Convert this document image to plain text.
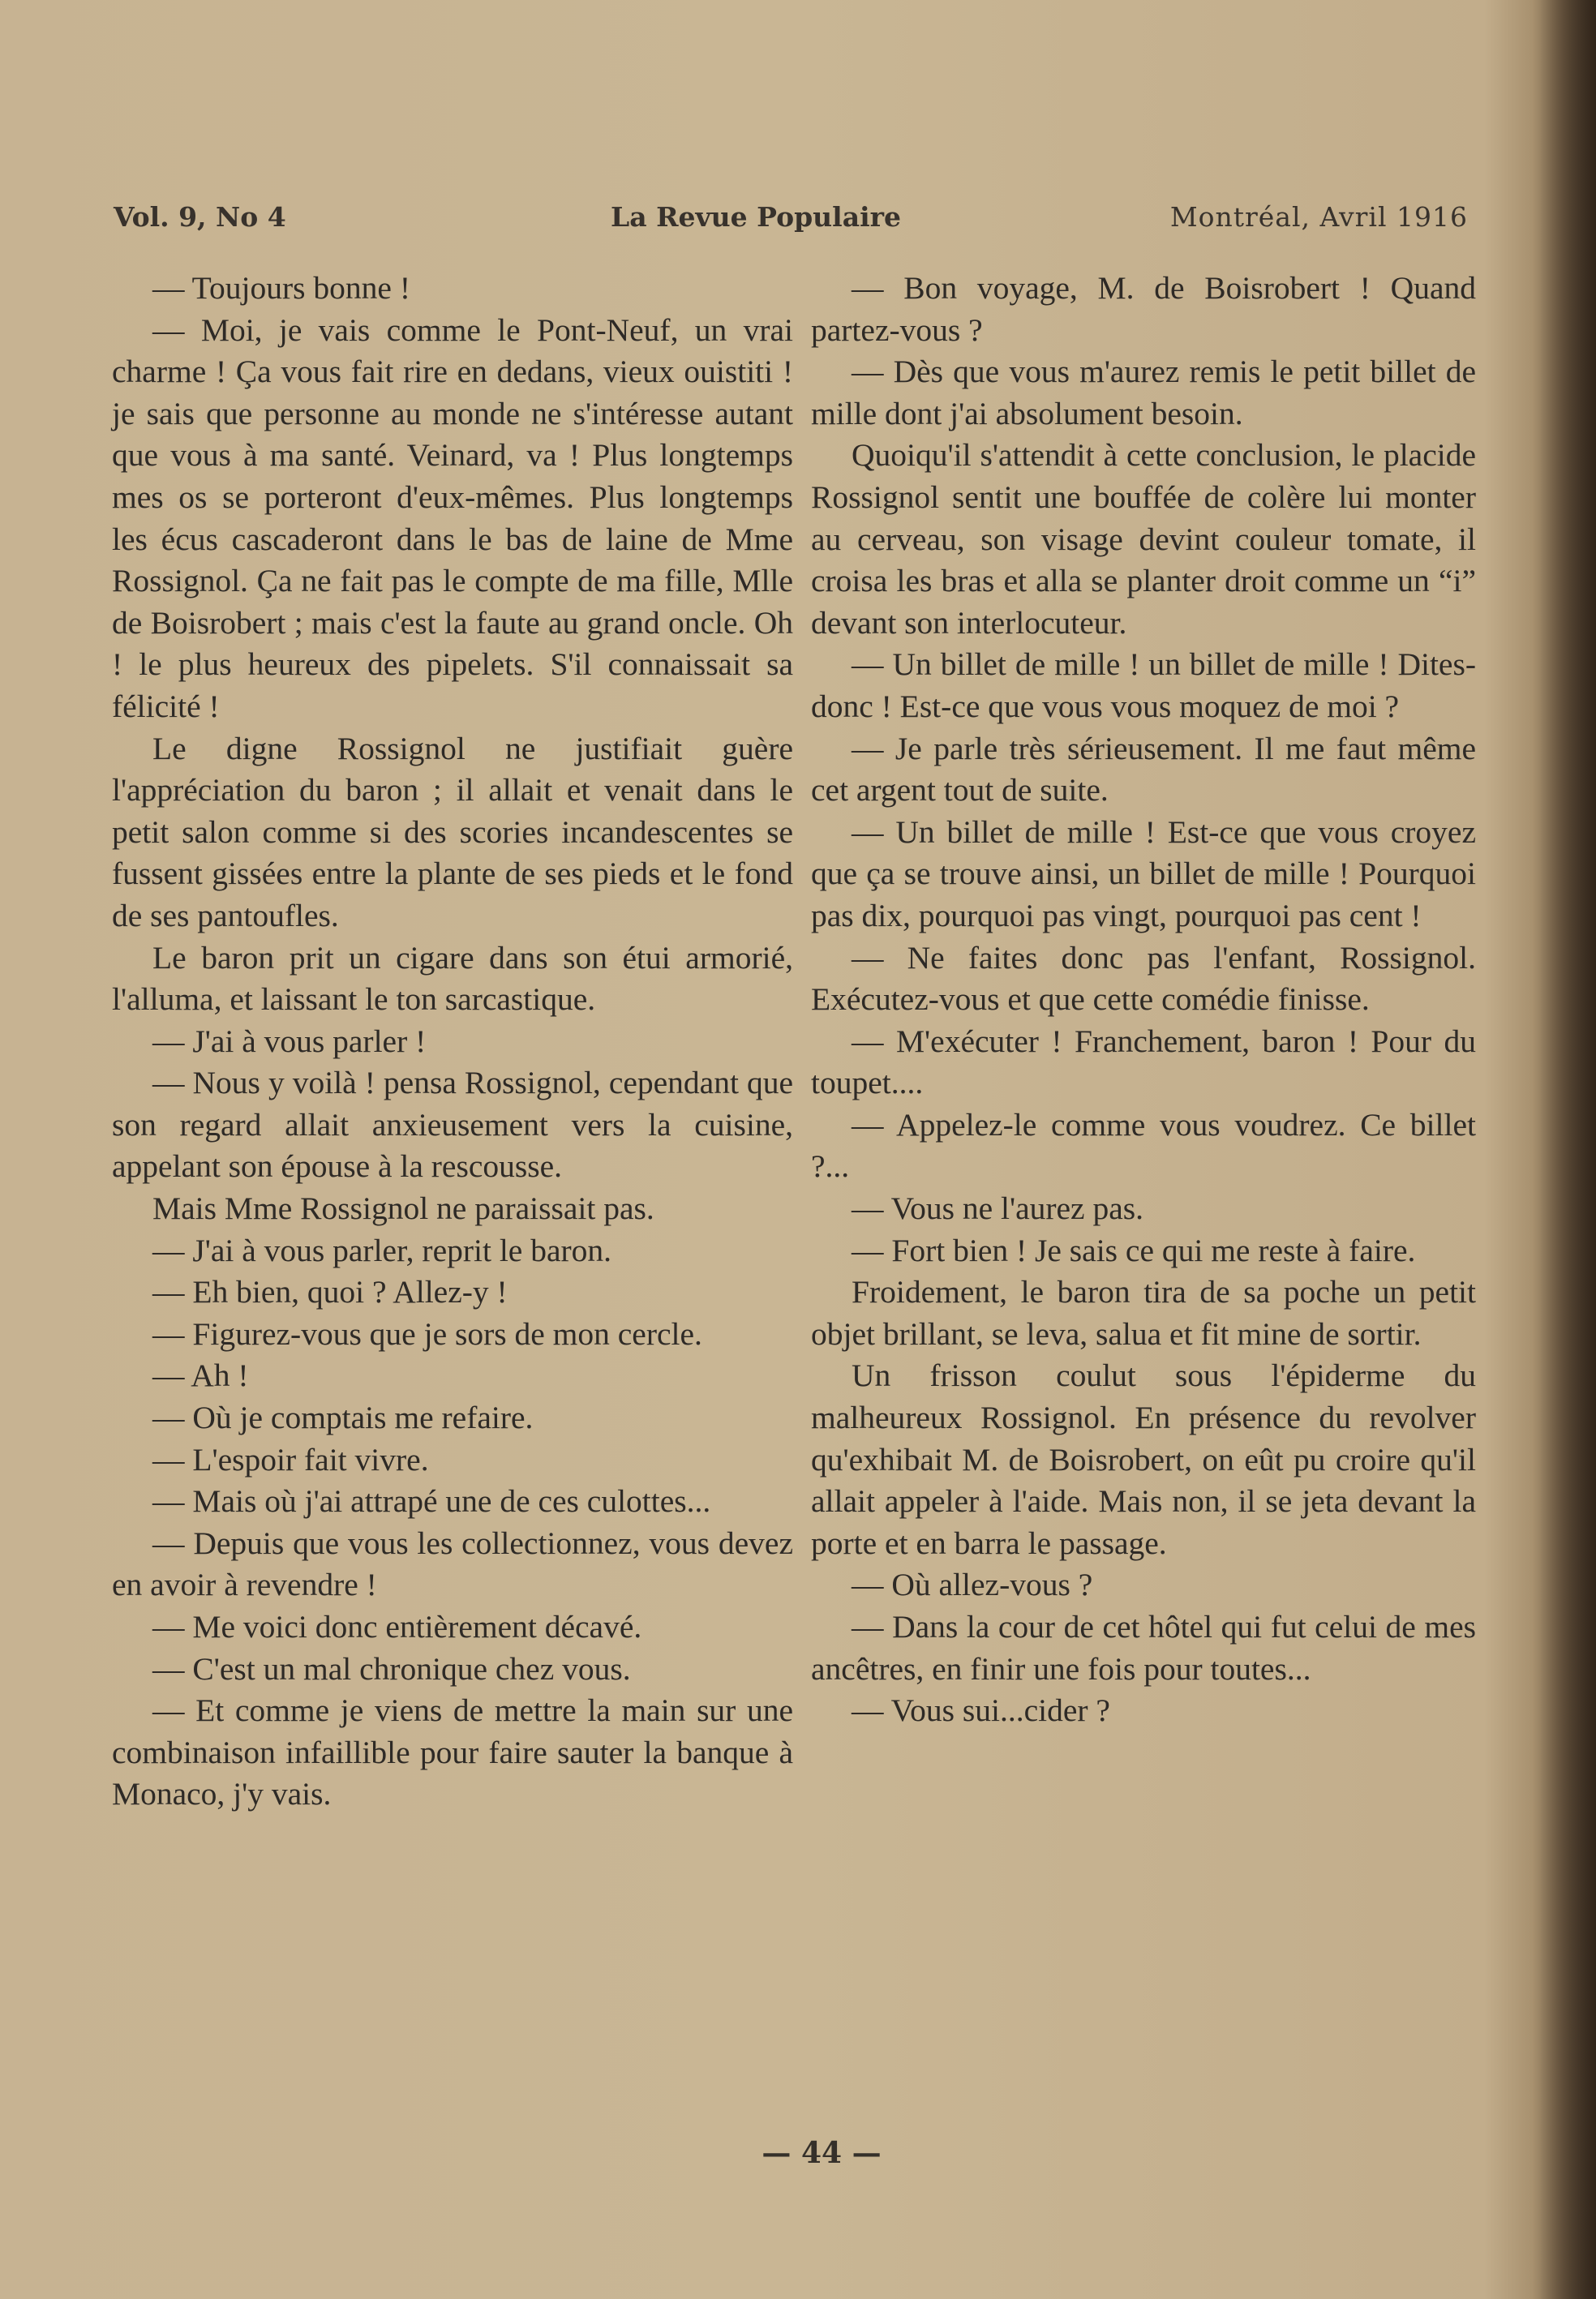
Vol. 9, No 4	La Revue Populaire	Montréal, Avril 1916

— Toujours bonne !

— Moi, je vais comme le Pont-Neuf, un vrai charme ! Ça vous fait rire en dedans, vieux ouistiti ! je sais que personne au monde ne s'intéresse autant que vous à ma santé. Veinard, va ! Plus longtemps mes os se porteront d'eux-mêmes. Plus longtemps les écus cascaderont dans le bas de laine de Mme Rossignol. Ça ne fait pas le compte de ma fille, Mlle de Boisrobert ; mais c'est la faute au grand oncle. Oh ! le plus heureux des pipelets. S'il connaissait sa félicité !

Le digne Rossignol ne justifiait guère l'appréciation du baron ; il allait et venait dans le petit salon comme si des scories incandescentes se fussent gissées entre la plante de ses pieds et le fond de ses pantoufles.

Le baron prit un cigare dans son étui armorié, l'alluma, et laissant le ton sarcastique.

— J'ai à vous parler !

— Nous y voilà ! pensa Rossignol, cependant que son regard allait anxieusement vers la cuisine, appelant son épouse à la rescousse.

Mais Mme Rossignol ne paraissait pas.

— J'ai à vous parler, reprit le baron.

— Eh bien, quoi ? Allez-y !

— Figurez-vous que je sors de mon cercle.

— Ah !

— Où je comptais me refaire.

— L'espoir fait vivre.

— Mais où j'ai attrapé une de ces culottes...

— Depuis que vous les collectionnez, vous devez en avoir à revendre !

— Me voici donc entièrement décavé.

— C'est un mal chronique chez vous.

— Et comme je viens de mettre la main sur une combinaison infaillible pour faire sauter la banque à Monaco, j'y vais.

— Bon voyage, M. de Boisrobert ! Quand partez-vous ?

— Dès que vous m'aurez remis le petit billet de mille dont j'ai absolument besoin.

Quoiqu'il s'attendit à cette conclusion, le placide Rossignol sentit une bouffée de colère lui monter au cerveau, son visage devint couleur tomate, il croisa les bras et alla se planter droit comme un “i” devant son interlocuteur.

— Un billet de mille ! un billet de mille ! Dites-donc ! Est-ce que vous vous moquez de moi ?

— Je parle très sérieusement. Il me faut même cet argent tout de suite.

— Un billet de mille ! Est-ce que vous croyez que ça se trouve ainsi, un billet de mille ! Pourquoi pas dix, pourquoi pas vingt, pourquoi pas cent !

— Ne faites donc pas l'enfant, Rossignol. Exécutez-vous et que cette comédie finisse.

— M'exécuter ! Franchement, baron ! Pour du toupet....

— Appelez-le comme vous voudrez. Ce billet ?...

— Vous ne l'aurez pas.

— Fort bien ! Je sais ce qui me reste à faire.

Froidement, le baron tira de sa poche un petit objet brillant, se leva, salua et fit mine de sortir.

Un frisson coulut sous l'épiderme du malheureux Rossignol. En présence du revolver qu'exhibait M. de Boisrobert, on eût pu croire qu'il allait appeler à l'aide. Mais non, il se jeta devant la porte et en barra le passage.

— Où allez-vous ?

— Dans la cour de cet hôtel qui fut celui de mes ancêtres, en finir une fois pour toutes...

— Vous sui...cider ?

— 44 —
